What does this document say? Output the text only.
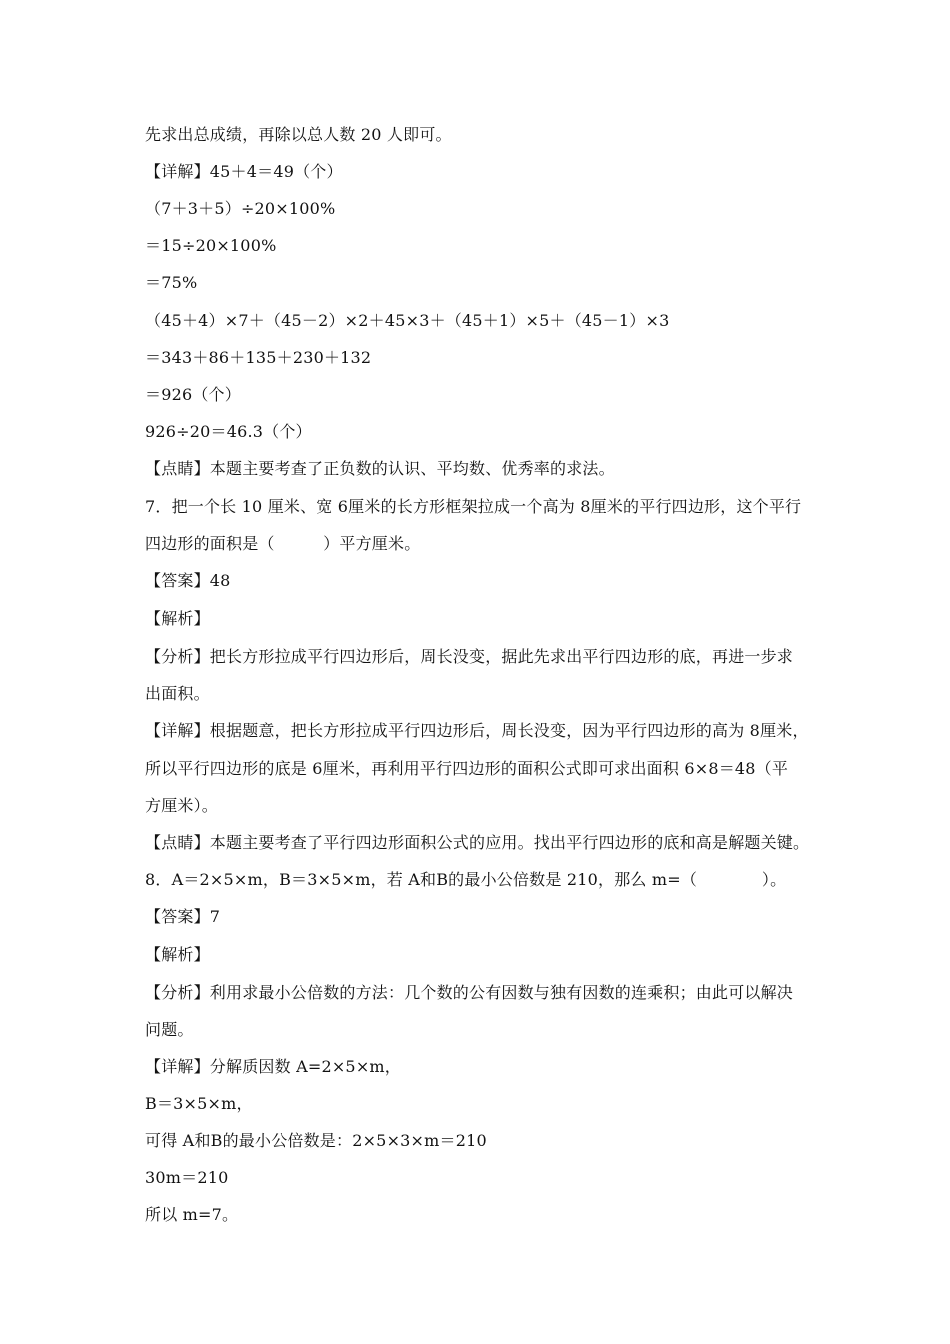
先求出总成绩，再除以总人数 20 人即可。
【详解】45＋4＝49（个）
（7＋3＋5）÷20×100%
＝15÷20×100%
＝75%
（45＋4）×7＋（45－2）×2＋45×3＋（45＋1）×5＋（45－1）×3
＝343＋86＋135＋230＋132
＝926（个）
926÷20＝46.3（个）
【点睛】本题主要考查了正负数的认识、平均数、优秀率的求法。
7．把一个长 10 厘米、宽 6厘米的长方形框架拉成一个高为 8厘米的平行四边形，这个平行
四边形的面积是（　　　）平方厘米。
【答案】48
【解析】
【分析】把长方形拉成平行四边形后，周长没变，据此先求出平行四边形的底，再进一步求
出面积。
【详解】根据题意，把长方形拉成平行四边形后，周长没变，因为平行四边形的高为 8厘米，
所以平行四边形的底是 6厘米，再利用平行四边形的面积公式即可求出面积 6×8＝48（平
方厘米）。
【点睛】本题主要考查了平行四边形面积公式的应用。找出平行四边形的底和高是解题关键。
8．A＝2×5×m，B＝3×5×m，若 A和B的最小公倍数是 210，那么 m=（　　　　）。
【答案】7
【解析】
【分析】利用求最小公倍数的方法：几个数的公有因数与独有因数的连乘积；由此可以解决
问题。
【详解】分解质因数 A=2×5×m，
B＝3×5×m，
可得 A和B的最小公倍数是：2×5×3×m＝210
30m＝210
所以 m=7。
